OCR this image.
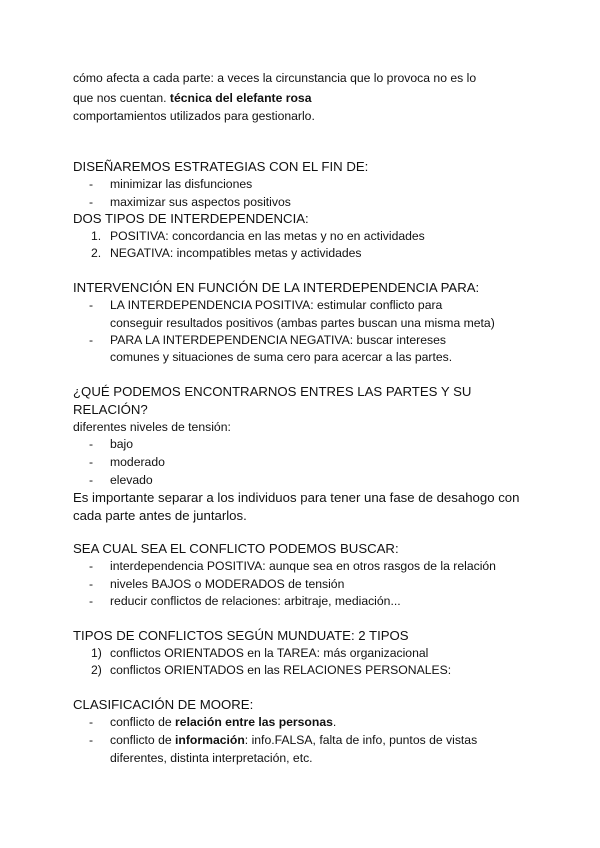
cómo afecta a cada parte: a veces la circunstancia que lo provoca no es lo
que nos cuentan. técnica del elefante rosa
comportamientos utilizados para gestionarlo.
DISEÑAREMOS ESTRATEGIAS CON EL FIN DE:
- minimizar las disfunciones
- maximizar sus aspectos positivos
DOS TIPOS DE INTERDEPENDENCIA:
1. POSITIVA: concordancia en las metas y no en actividades
2. NEGATIVA: incompatibles metas y actividades
INTERVENCIÓN EN FUNCIÓN DE LA INTERDEPENDENCIA PARA:
- LA INTERDEPENDENCIA POSITIVA: estimular conflicto para
conseguir resultados positivos (ambas partes buscan una misma meta)
- PARA LA INTERDEPENDENCIA NEGATIVA: buscar intereses
comunes y situaciones de suma cero para acercar a las partes.
¿QUÉ PODEMOS ENCONTRARNOS ENTRES LAS PARTES Y SU
RELACIÓN?
diferentes niveles de tensión:
- bajo
- moderado
- elevado
Es importante separar a los individuos para tener una fase de desahogo con
cada parte antes de juntarlos.
SEA CUAL SEA EL CONFLICTO PODEMOS BUSCAR:
- interdependencia POSITIVA: aunque sea en otros rasgos de la relación
- niveles BAJOS o MODERADOS de tensión
- reducir conflictos de relaciones: arbitraje, mediación...
TIPOS DE CONFLICTOS SEGÚN MUNDUATE: 2 TIPOS
1) conflictos ORIENTADOS en la TAREA: más organizacional
2) conflictos ORIENTADOS en las RELACIONES PERSONALES:
CLASIFICACIÓN DE MOORE:
- conflicto de relación entre las personas.
- conflicto de información: info.FALSA, falta de info, puntos de vistas
diferentes, distinta interpretación, etc.
